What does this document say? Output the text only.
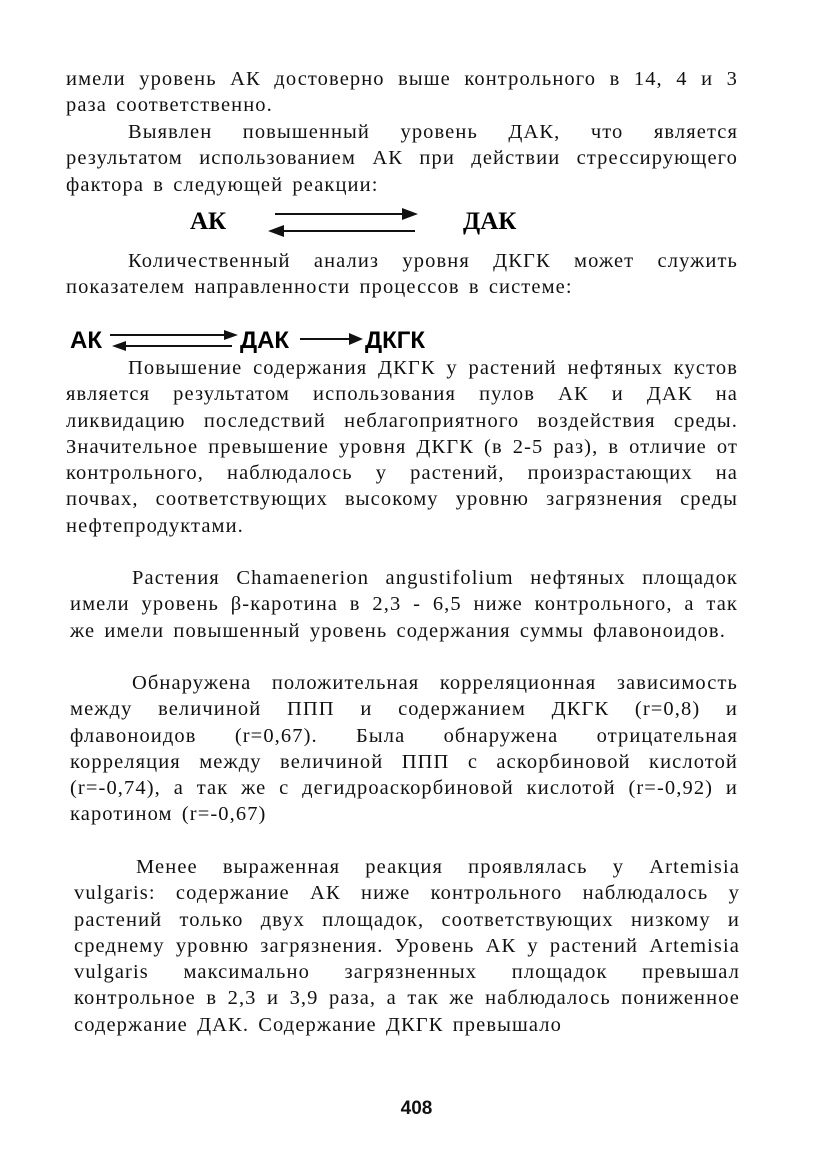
имели уровень АК достоверно выше контрольного в 14, 4 и 3 раза соответственно.

Выявлен повышенный уровень ДАК, что является результатом использованием АК при действии стрессирующего фактора в следующей реакции:

АК	ДАК

Количественный анализ уровня ДКГК может служить показателем направленности процессов в системе:

АК	ДАК	ДКГК

Повышение содержания ДКГК у растений нефтяных кустов является результатом использования пулов АК и ДАК на ликвидацию последствий неблагоприятного воздействия среды. Значительное превышение уровня ДКГК (в 2-5 раз), в отличие от контрольного, наблюдалось у растений, произрастающих на почвах, соответствующих высокому уровню загрязнения среды нефтепродуктами.

Растения Chamaenerion angustifolium нефтяных площадок имели уровень β-каротина в 2,3 - 6,5 ниже контрольного, а так же имели повышенный уровень содержания суммы флавоноидов.

Обнаружена положительная корреляционная зависимость между величиной ППП и содержанием ДКГК (r=0,8) и флавоноидов (r=0,67). Была обнаружена отрицательная корреляция между величиной ППП с аскорбиновой кислотой (r=-0,74), а так же с дегидроаскорбиновой кислотой (r=-0,92) и каротином (r=-0,67)

Менее выраженная реакция проявлялась у Artemisia vulgaris: содержание АК ниже контрольного наблюдалось у растений только двух площадок, соответствующих низкому и среднему уровню загрязнения. Уровень АК у растений Artemisia vulgaris максимально загрязненных площадок превышал контрольное в 2,3 и 3,9 раза, а так же наблюдалось пониженное содержание ДАК. Содержание ДКГК превышало

408
